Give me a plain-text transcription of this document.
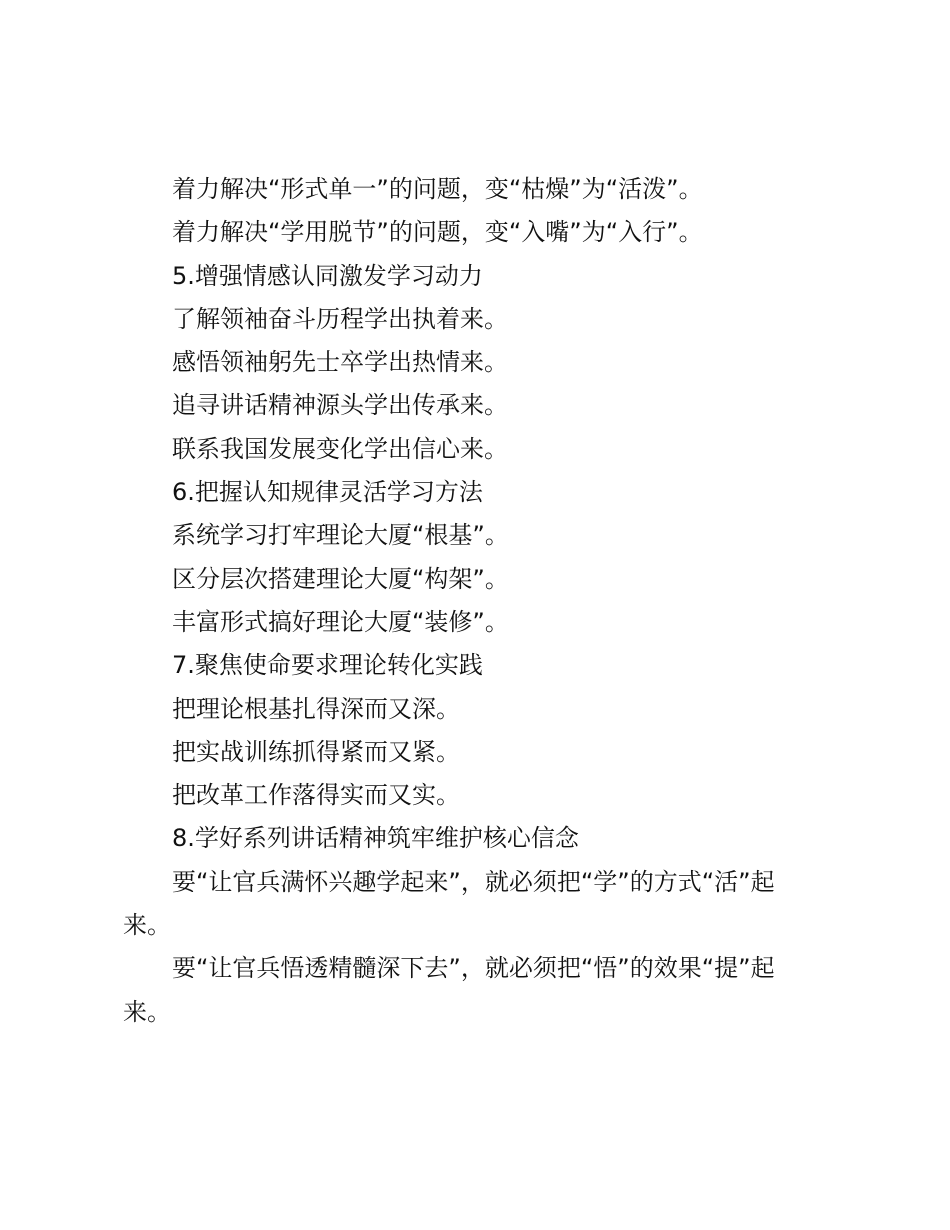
着力解决“形式单一”的问题，变“枯燥”为“活泼”。

着力解决“学用脱节”的问题，变“入嘴”为“入行”。

5.增强情感认同激发学习动力

了解领袖奋斗历程学出执着来。

感悟领袖躬先士卒学出热情来。

追寻讲话精神源头学出传承来。

联系我国发展变化学出信心来。

6.把握认知规律灵活学习方法

系统学习打牢理论大厦“根基”。

区分层次搭建理论大厦“构架”。

丰富形式搞好理论大厦“装修”。

7.聚焦使命要求理论转化实践

把理论根基扎得深而又深。

把实战训练抓得紧而又紧。

把改革工作落得实而又实。

8.学好系列讲话精神筑牢维护核心信念

要“让官兵满怀兴趣学起来”，就必须把“学”的方式“活”起来。

要“让官兵悟透精髓深下去”，就必须把“悟”的效果“提”起来。
